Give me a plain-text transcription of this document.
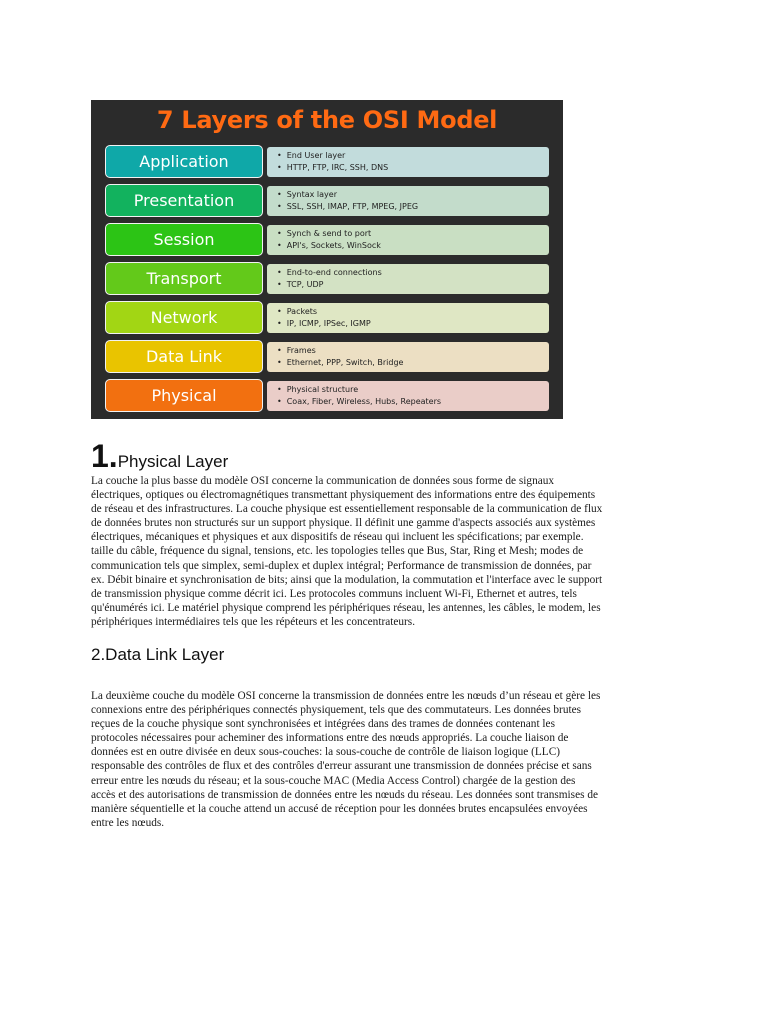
7 Layers of the OSI Model
Application	• End User layer
• HTTP, FTP, IRC, SSH, DNS
Presentation	• Syntax layer
• SSL, SSH, IMAP, FTP, MPEG, JPEG
Session	• Synch & send to port
• API's, Sockets, WinSock
Transport	• End-to-end connections
• TCP, UDP
Network	• Packets
• IP, ICMP, IPSec, IGMP
Data Link	• Frames
• Ethernet, PPP, Switch, Bridge
Physical	• Physical structure
• Coax, Fiber, Wireless, Hubs, Repeaters
1.Physical Layer
La couche la plus basse du modèle OSI concerne la communication de données sous forme de signaux
électriques, optiques ou électromagnétiques transmettant physiquement des informations entre des équipements
de réseau et des infrastructures. La couche physique est essentiellement responsable de la communication de flux
de données brutes non structurés sur un support physique. Il définit une gamme d'aspects associés aux systèmes
électriques, mécaniques et physiques et aux dispositifs de réseau qui incluent les spécifications; par exemple.
taille du câble, fréquence du signal, tensions, etc. les topologies telles que Bus, Star, Ring et Mesh; modes de
communication tels que simplex, semi-duplex et duplex intégral; Performance de transmission de données, par
ex. Débit binaire et synchronisation de bits; ainsi que la modulation, la commutation et l'interface avec le support
de transmission physique comme décrit ici. Les protocoles communs incluent Wi-Fi, Ethernet et autres, tels
qu'énumérés ici. Le matériel physique comprend les périphériques réseau, les antennes, les câbles, le modem, les
périphériques intermédiaires tels que les répéteurs et les concentrateurs.
2.Data Link Layer
La deuxième couche du modèle OSI concerne la transmission de données entre les nœuds d’un réseau et gère les
connexions entre des périphériques connectés physiquement, tels que des commutateurs. Les données brutes
reçues de la couche physique sont synchronisées et intégrées dans des trames de données contenant les
protocoles nécessaires pour acheminer des informations entre des nœuds appropriés. La couche liaison de
données est en outre divisée en deux sous-couches: la sous-couche de contrôle de liaison logique (LLC)
responsable des contrôles de flux et des contrôles d'erreur assurant une transmission de données précise et sans
erreur entre les nœuds du réseau; et la sous-couche MAC (Media Access Control) chargée de la gestion des
accès et des autorisations de transmission de données entre les nœuds du réseau. Les données sont transmises de
manière séquentielle et la couche attend un accusé de réception pour les données brutes encapsulées envoyées
entre les nœuds.
